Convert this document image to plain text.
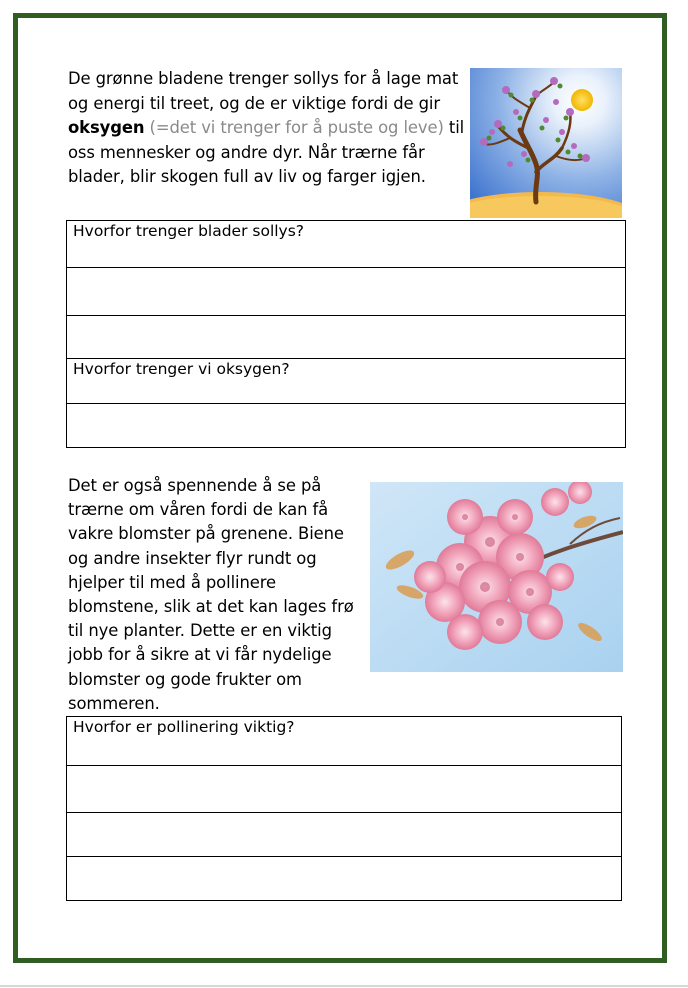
De grønne bladene trenger sollys for å lage mat og energi til treet, og de er viktige fordi de gir oksygen (=det vi trenger for å puste og leve) til oss mennesker og andre dyr. Når trærne får blader, blir skogen full av liv og farger igjen.

Hvorfor trenger blader sollys?

Hvorfor trenger vi oksygen?

Det er også spennende å se på trærne om våren fordi de kan få vakre blomster på grenene. Biene og andre insekter flyr rundt og hjelper til med å pollinere blomstene, slik at det kan lages frø til nye planter. Dette er en viktig jobb for å sikre at vi får nydelige blomster og gode frukter om sommeren.

Hvorfor er pollinering viktig?
